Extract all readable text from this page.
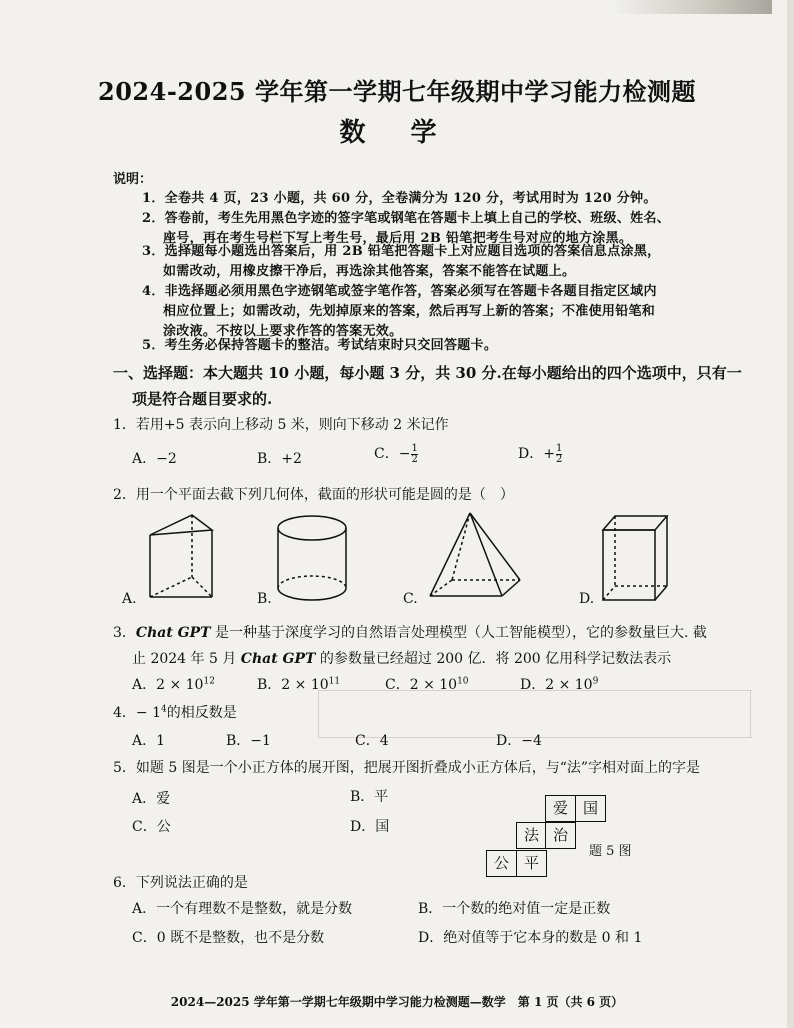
2024-2025 学年第一学期七年级期中学习能力检测题
数 学
说明：
1．全卷共 4 页，23 小题，共 60 分，全卷满分为 120 分，考试用时为 120 分钟。
2．答卷前，考生先用黑色字迹的签字笔或钢笔在答题卡上填上自己的学校、班级、姓名、
座号，再在考生号栏下写上考生号，最后用 2B 铅笔把考生号对应的地方涂黑。
3．选择题每小题选出答案后，用 2B 铅笔把答题卡上对应题目选项的答案信息点涂黑，
如需改动，用橡皮擦干净后，再选涂其他答案，答案不能答在试题上。
4．非选择题必须用黑色字迹钢笔或签字笔作答，答案必须写在答题卡各题目指定区域内
相应位置上；如需改动，先划掉原来的答案，然后再写上新的答案；不准使用铅笔和
涂改液。不按以上要求作答的答案无效。
5．考生务必保持答题卡的整洁。考试结束时只交回答题卡。
一、选择题：本大题共 10 小题，每小题 3 分，共 30 分.在每小题给出的四个选项中，只有一
项是符合题目要求的.
1．若用+5 表示向上移动 5 米，则向下移动 2 米记作
A．−2	B．+2	C．− $\frac{1}{2}$	D．+ $\frac{1}{2}$
2．用一个平面去截下列几何体，截面的形状可能是圆的是（　）
A.	B.	C.	D.
3．Chat GPT 是一种基于深度学习的自然语言处理模型（人工智能模型），它的参数量巨大. 截
止 2024 年 5 月 Chat GPT 的参数量已经超过 200 亿．将 200 亿用科学记数法表示
A．$2 \times 10^{12}$	B．$2 \times 10^{11}$	C．$2 \times 10^{10}$	D．$2 \times 10^9$
4．− $1^4$的相反数是
A．1	B．−1	C．4	D．−4
5．如题 5 图是一个小正方体的展开图，把展开图折叠成小正方体后，与“法”字相对面上的字是
A．爱	B．平
C．公	D．国
爱 国
法 治
公 平
题 5 图
6．下列说法正确的是
A．一个有理数不是整数，就是分数	B．一个数的绝对值一定是正数
C．0 既不是整数，也不是分数	D．绝对值等于它本身的数是 0 和 1
2024—2025 学年第一学期七年级期中学习能力检测题—数学　第 1 页（共 6 页）
